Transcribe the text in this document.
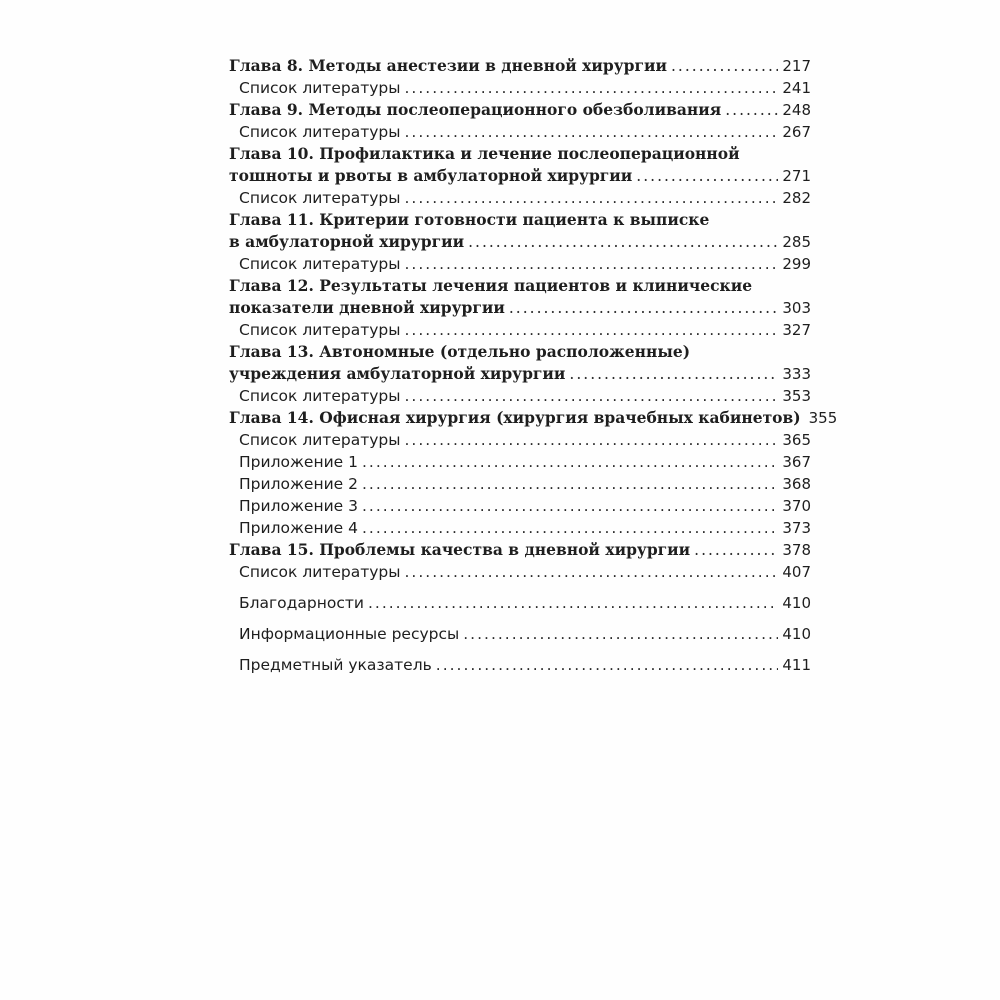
Глава 8. Методы анестезии в дневной хирургии .....	217
Список литературы .....	241
Глава 9. Методы послеоперационного обезболивания .....	248
Список литературы .....	267
Глава 10. Профилактика и лечение послеоперационной
тошноты и рвоты в амбулаторной хирургии .....	271
Список литературы .....	282
Глава 11. Критерии готовности пациента к выписке
в амбулаторной хирургии .....	285
Список литературы .....	299
Глава 12. Результаты лечения пациентов и клинические
показатели дневной хирургии .....	303
Список литературы .....	327
Глава 13. Автономные (отдельно расположенные)
учреждения амбулаторной хирургии .....	333
Список литературы .....	353
Глава 14. Офисная хирургия (хирургия врачебных кабинетов) 355
Список литературы .....	365
Приложение 1 .....	367
Приложение 2 .....	368
Приложение 3 .....	370
Приложение 4 .....	373
Глава 15. Проблемы качества в дневной хирургии .....	378
Список литературы .....	407
Благодарности .....	410
Информационные ресурсы .....	410
Предметный указатель .....	411
